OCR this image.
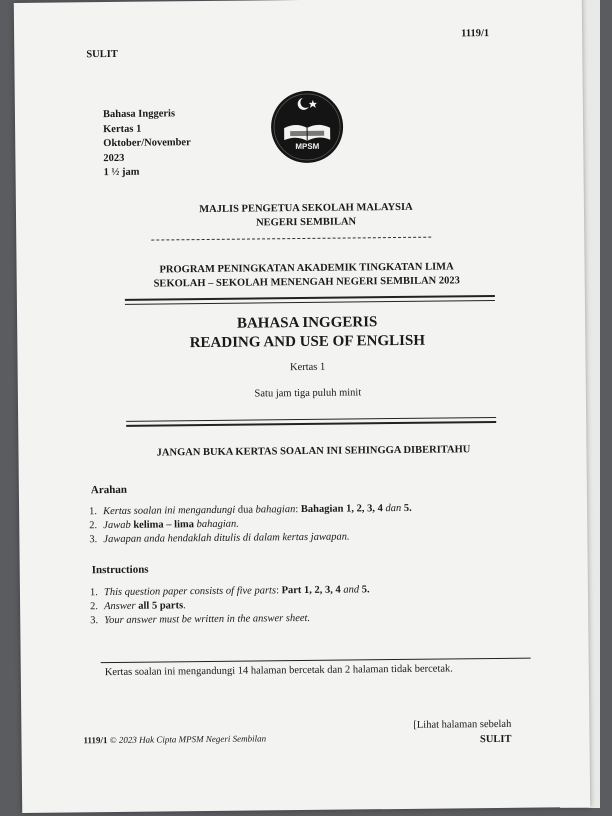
SULIT
1119/1
Bahasa Inggeris
Kertas 1
Oktober/November
2023
1 ½ jam
MPSM
MAJLIS PENGETUA SEKOLAH MALAYSIA
NEGERI SEMBILAN
PROGRAM PENINGKATAN AKADEMIK TINGKATAN LIMA
SEKOLAH – SEKOLAH MENENGAH NEGERI SEMBILAN 2023
BAHASA INGGERIS
READING AND USE OF ENGLISH
Kertas 1
Satu jam tiga puluh minit
JANGAN BUKA KERTAS SOALAN INI SEHINGGA DIBERITAHU
Arahan
1. Kertas soalan ini mengandungi dua bahagian: Bahagian 1, 2, 3, 4 dan 5.
2. Jawab kelima – lima bahagian.
3. Jawapan anda hendaklah ditulis di dalam kertas jawapan.
Instructions
1. This question paper consists of five parts: Part 1, 2, 3, 4 and 5.
2. Answer all 5 parts.
3. Your answer must be written in the answer sheet.
Kertas soalan ini mengandungi 14 halaman bercetak dan 2 halaman tidak bercetak.
1119/1 © 2023 Hak Cipta MPSM Negeri Sembilan
[Lihat halaman sebelah
SULIT
